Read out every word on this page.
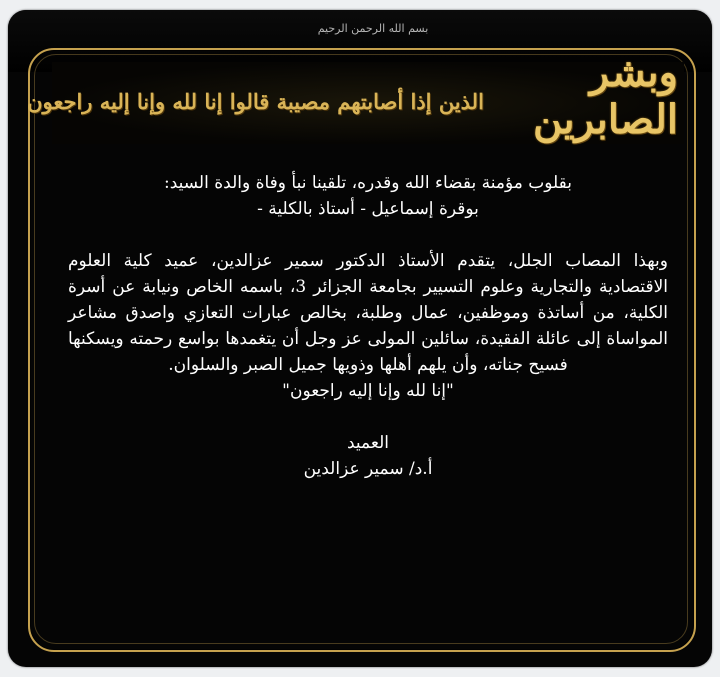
بسم الله الرحمن الرحيم
وبشر الصابرين
الذين إذا أصابتهم مصيبة قالوا إنا لله وإنا إليه راجعون

بقلوب مؤمنة بقضاء الله وقدره، تلقينا نبأ وفاة والدة السيد:

بوقرة إسماعيل - أستاذ بالكلية -

وبهذا المصاب الجلل، يتقدم الأستاذ الدكتور سمير عزالدين، عميد كلية العلوم الاقتصادية والتجارية وعلوم التسيير بجامعة الجزائر 3، باسمه الخاص ونيابة عن أسرة الكلية، من أساتذة وموظفين، عمال وطلبة، بخالص عبارات التعازي واصدق مشاعر المواساة إلى عائلة الفقيدة، سائلين المولى عز وجل أن يتغمدها بواسع رحمته ويسكنها فسيح جناته، وأن يلهم أهلها وذويها جميل الصبر والسلوان.

"إنا لله وإنا إليه راجعون"

العميد

أ.د/ سمير عزالدين
